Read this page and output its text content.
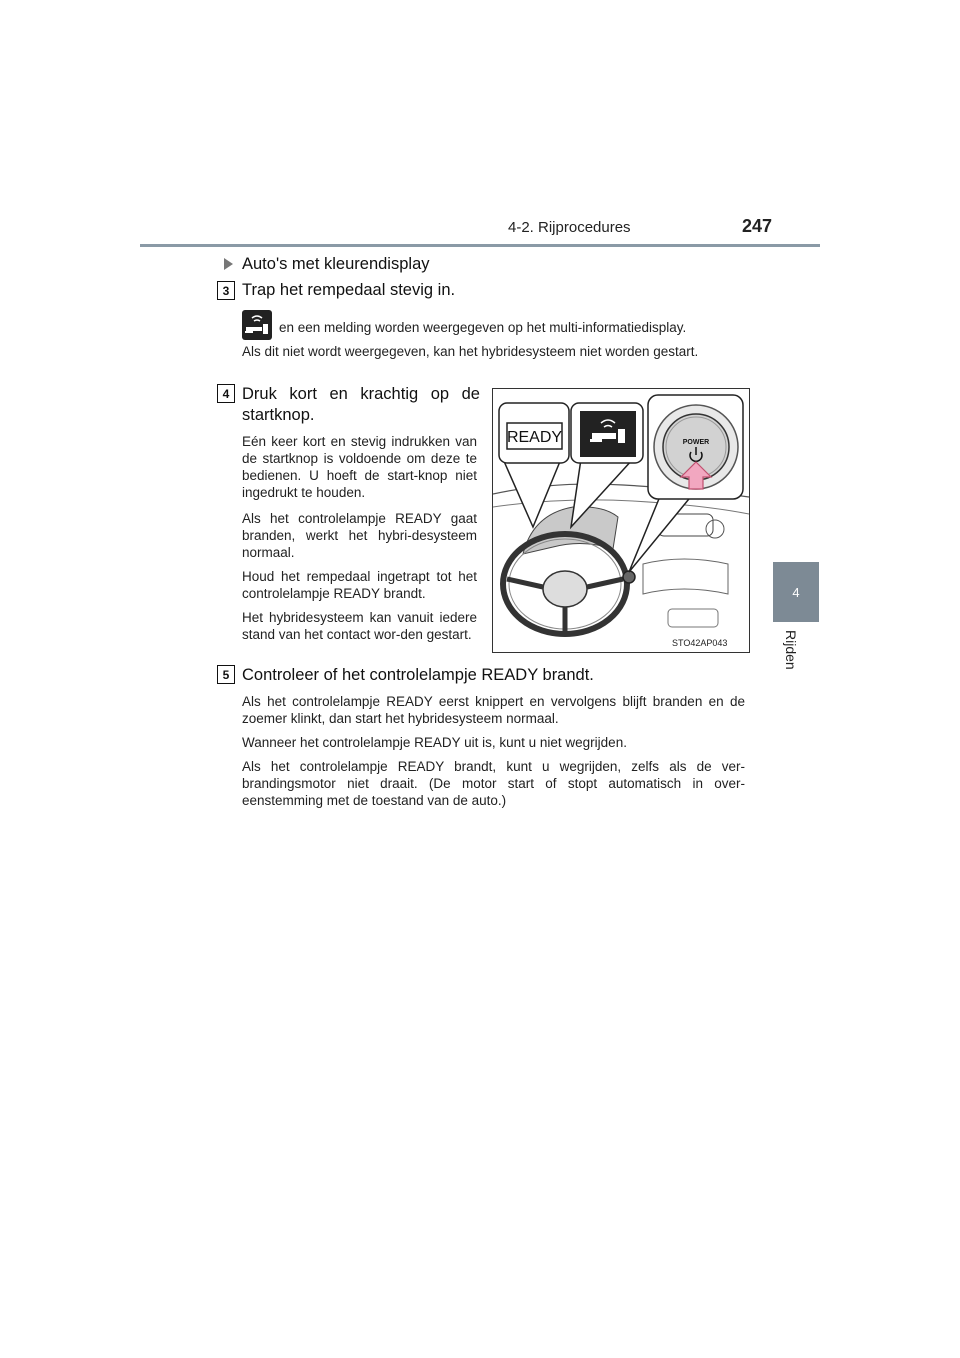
4-2. Rijprocedures	247
4
Rijden
Auto's met kleurendisplay
3 Trap het rempedaal stevig in.
en een melding worden weergegeven op het multi-informatiedisplay.
Als dit niet wordt weergegeven, kan het hybridesysteem niet worden gestart.
4 Druk kort en krachtig op de
startknop.
Eén keer kort en stevig indrukken van de startknop is voldoende om deze te bedienen. U hoeft de start-knop niet ingedrukt te houden.
Als het controlelampje READY gaat branden, werkt het hybri-desysteem normaal.
Houd het rempedaal ingetrapt tot het controlelampje READY brandt.
Het hybridesysteem kan vanuit iedere stand van het contact wor-den gestart.
READY	POWER
STO42AP043
5 Controleer of het controlelampje READY brandt.
Als het controlelampje READY eerst knippert en vervolgens blijft branden en de zoemer klinkt, dan start het hybridesysteem normaal.
Wanneer het controlelampje READY uit is, kunt u niet wegrijden.
Als het controlelampje READY brandt, kunt u wegrijden, zelfs als de ver-brandingsmotor niet draait. (De motor start of stopt automatisch in over-eenstemming met de toestand van de auto.)
